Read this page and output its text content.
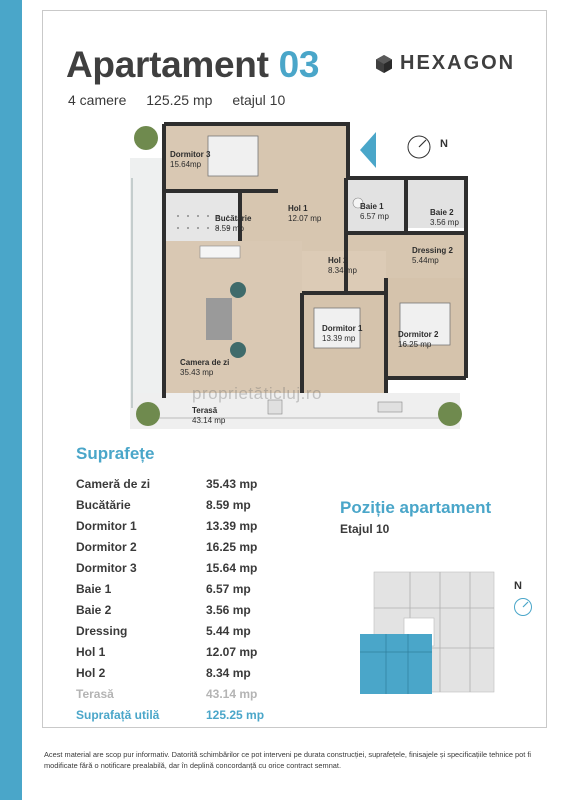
Apartament 03
4 camere 125.25 mp etajul 10
HEXAGON
Dormitor 3
15.64mp
Bucătărie
8.59 mp
Hol 1
12.07 mp
Baie 1
6.57 mp	Baie 2
3.56 mp
Dressing 2
5.44mp
Hol 2
8.34 mp
Dormitor 1
13.39 mp	Dormitor 2
16.25 mp
Camera de zi
35.43 mp
Terasă
43.14 mp
N
proprietăticluj.ro
Suprafețe
Cameră de zi	35.43 mp
Bucătărie	8.59 mp
Dormitor 1	13.39 mp
Dormitor 2	16.25 mp
Dormitor 3	15.64 mp
Baie 1	6.57 mp
Baie 2	3.56 mp
Dressing	5.44 mp
Hol 1	12.07 mp
Hol 2	8.34 mp
Terasă	43.14 mp
Suprafață utilă	125.25 mp
Poziție apartament
Etajul 10
N
Acest material are scop pur informativ. Datorită schimbărilor ce pot interveni pe durata construcției, suprafețele, finisajele și specificațiile tehnice pot fi modificate fără o notificare prealabilă, dar în deplină concordanță cu orice contract semnat.
